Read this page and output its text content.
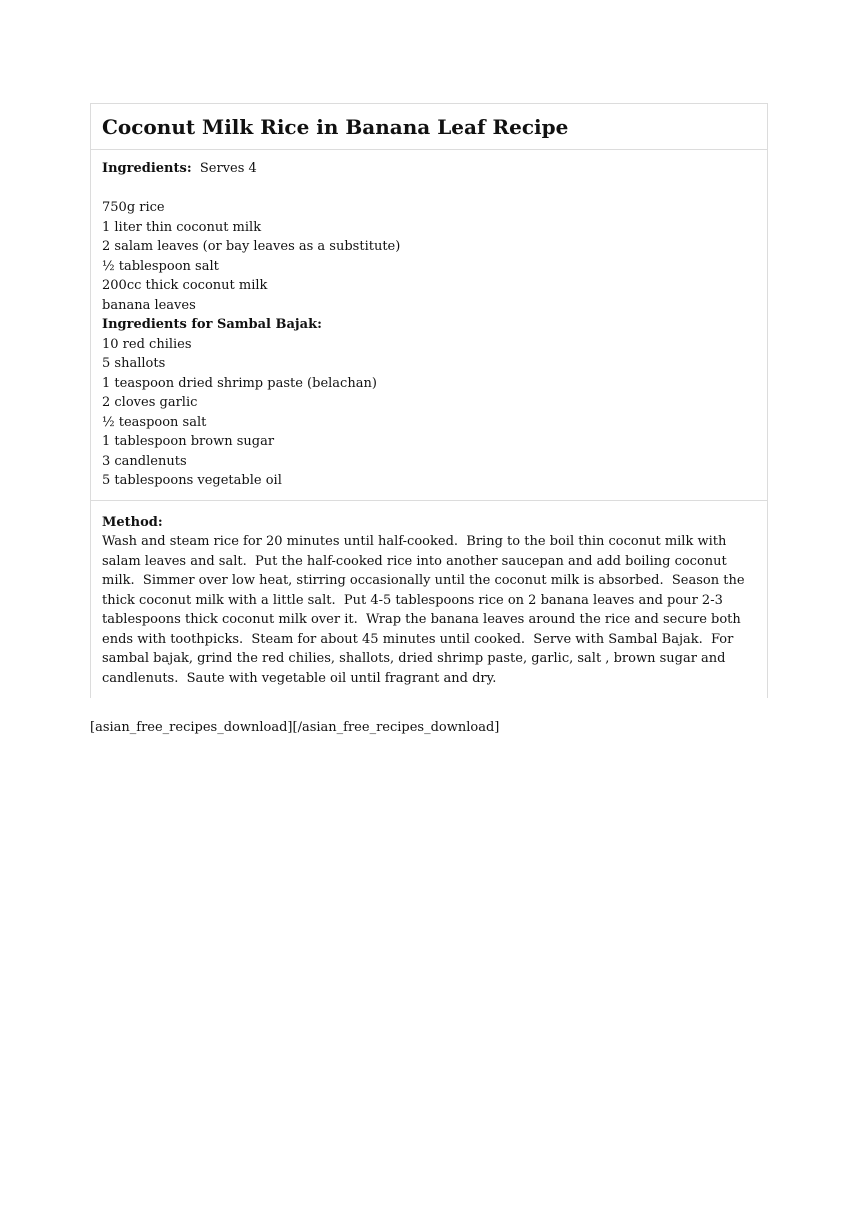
Coconut Milk Rice in Banana Leaf Recipe

Ingredients: Serves 4

750g rice
1 liter thin coconut milk
2 salam leaves (or bay leaves as a substitute)
½ tablespoon salt
200cc thick coconut milk
banana leaves
Ingredients for Sambal Bajak:
10 red chilies
5 shallots
1 teaspoon dried shrimp paste (belachan)
2 cloves garlic
½ teaspoon salt
1 tablespoon brown sugar
3 candlenuts
5 tablespoons vegetable oil

Method:

Wash and steam rice for 20 minutes until half-cooked.  Bring to the boil thin coconut milk with salam leaves and salt.  Put the half-cooked rice into another saucepan and add boiling coconut milk.  Simmer over low heat, stirring occasionally until the coconut milk is absorbed.  Season the thick coconut milk with a little salt.  Put 4-5 tablespoons rice on 2 banana leaves and pour 2-3 tablespoons thick coconut milk over it.  Wrap the banana leaves around the rice and secure both ends with toothpicks.  Steam for about 45 minutes until cooked.  Serve with Sambal Bajak.  For sambal bajak, grind the red chilies, shallots, dried shrimp paste, garlic, salt , brown sugar and candlenuts.  Saute with vegetable oil until fragrant and dry.

[asian_free_recipes_download][/asian_free_recipes_download]
